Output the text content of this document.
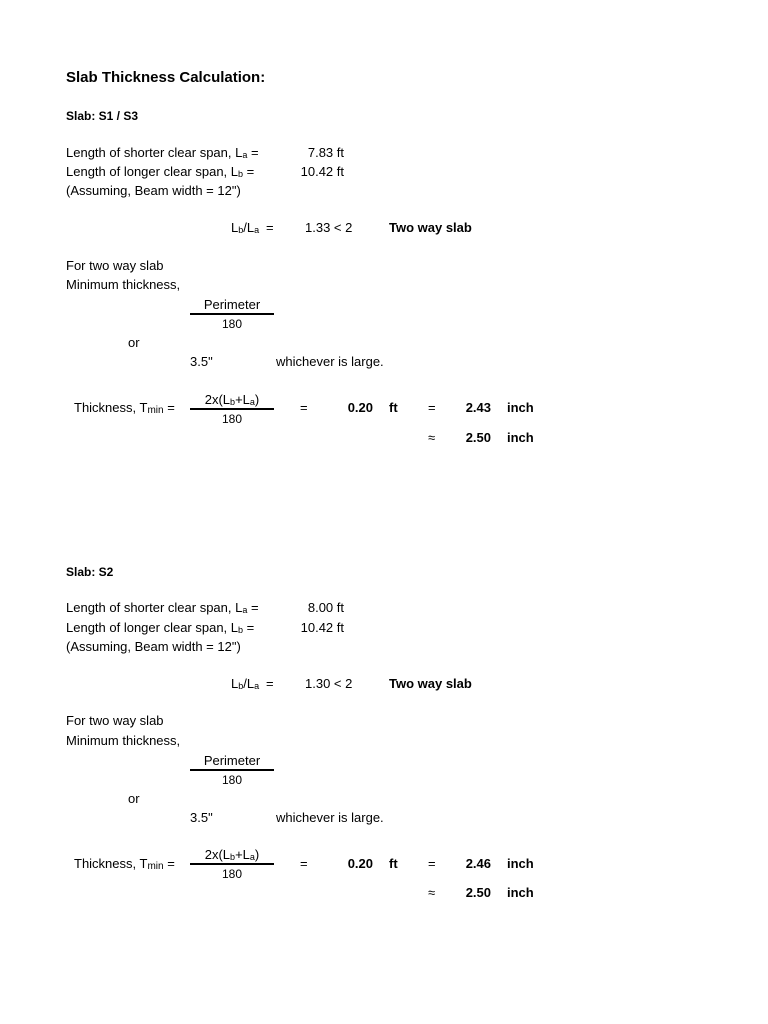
Slab Thickness Calculation:
Slab: S1 / S3
Length of shorter clear span, La =	7.83 ft
Length of longer clear span, Lb =	10.42 ft
(Assuming, Beam width = 12")
Lb/La = 1.33 < 2	Two way slab
For two way slab
Minimum thickness,
Perimeter
180
or
3.5"	whichever is large.
Thickness, Tmin =
2x(Lb+La)
180
=	0.20 ft =	2.43 inch
≈	2.50 inch
Slab: S2
Length of shorter clear span, La =	8.00 ft
Length of longer clear span, Lb =	10.42 ft
(Assuming, Beam width = 12")
Lb/La = 1.30 < 2	Two way slab
For two way slab
Minimum thickness,
Perimeter
180
or
3.5"	whichever is large.
Thickness, Tmin =
2x(Lb+La)
180
=	0.20 ft =	2.46 inch
≈	2.50 inch
